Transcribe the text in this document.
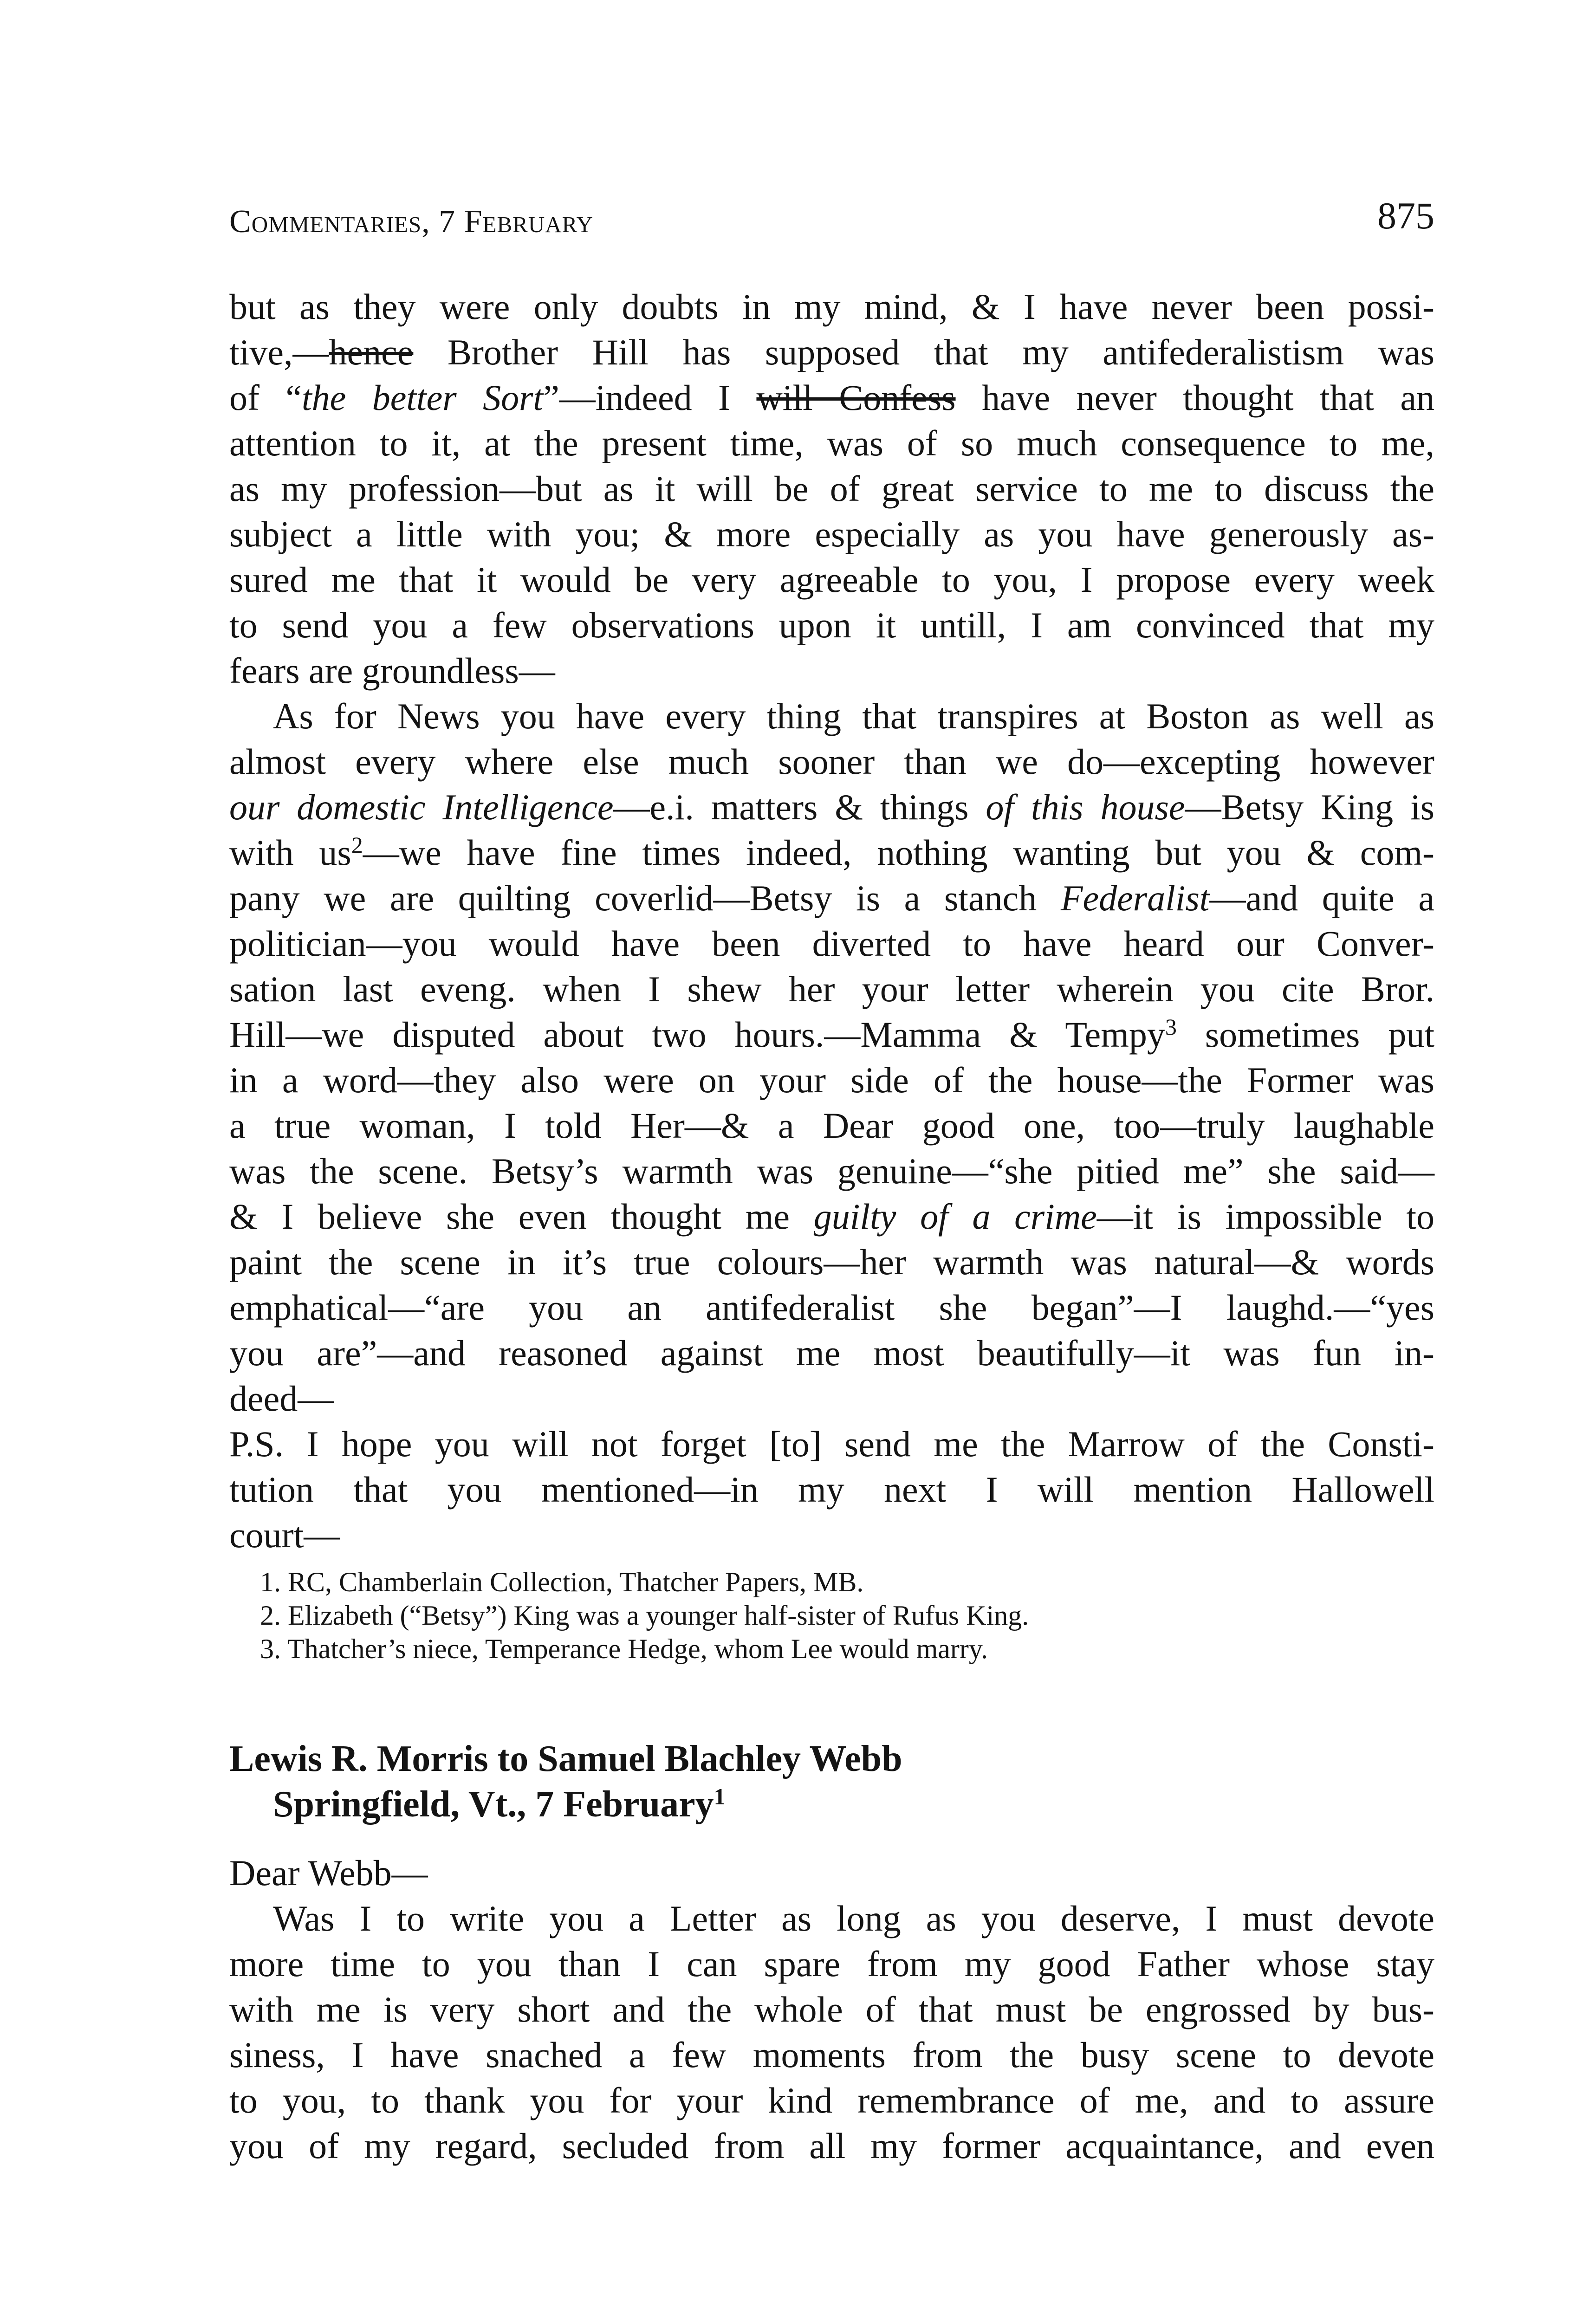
Commentaries, 7 February	875
but as they were only doubts in my mind, & I have never been possi-
tive,—hence Brother Hill has supposed that my antifederalistism was
of “the better Sort”—indeed I will Confess have never thought that an
attention to it, at the present time, was of so much consequence to me,
as my profession—but as it will be of great service to me to discuss the
subject a little with you; & more especially as you have generously as-
sured me that it would be very agreeable to you, I propose every week
to send you a few observations upon it untill, I am convinced that my
fears are groundless—
As for News you have every thing that transpires at Boston as well as
almost every where else much sooner than we do—excepting however
our domestic Intelligence—e.i. matters & things of this house—Betsy King is
with $us^2—we$ have fine times indeed, nothing wanting but you & com-
pany we are quilting coverlid—Betsy is a stanch Federalist—and quite a
politician—you would have been diverted to have heard our Conver-
sation last eveng. when I shew her your letter wherein you cite Bror.
Hill—we disputed about two hours.—Mamma & Tempy$^3$ sometimes put
in a word—they also were on your side of the house—the Former was
a true woman, I told Her—& a Dear good one, too—truly laughable
was the scene. Betsy’s warmth was genuine—“she pitied me” she said—
& I believe she even thought me guilty of a crime—it is impossible to
paint the scene in it’s true colours—her warmth was natural—& words
emphatical—“are you an antifederalist she began”—I laughd.—“yes
you are”—and reasoned against me most beautifully—it was fun in-
deed—
P.S. I hope you will not forget [to] send me the Marrow of the Consti-
tution that you mentioned—in my next I will mention Hallowell
court—
1. RC, Chamberlain Collection, Thatcher Papers, MB.
2. Elizabeth (“Betsy”) King was a younger half-sister of Rufus King.
3. Thatcher’s niece, Temperance Hedge, whom Lee would marry.
Lewis R. Morris to Samuel Blachley Webb
Springfield, Vt., 7 February$^1$
Dear Webb—
Was I to write you a Letter as long as you deserve, I must devote
more time to you than I can spare from my good Father whose stay
with me is very short and the whole of that must be engrossed by bus-
siness, I have snached a few moments from the busy scene to devote
to you, to thank you for your kind remembrance of me, and to assure
you of my regard, secluded from all my former acquaintance, and even
